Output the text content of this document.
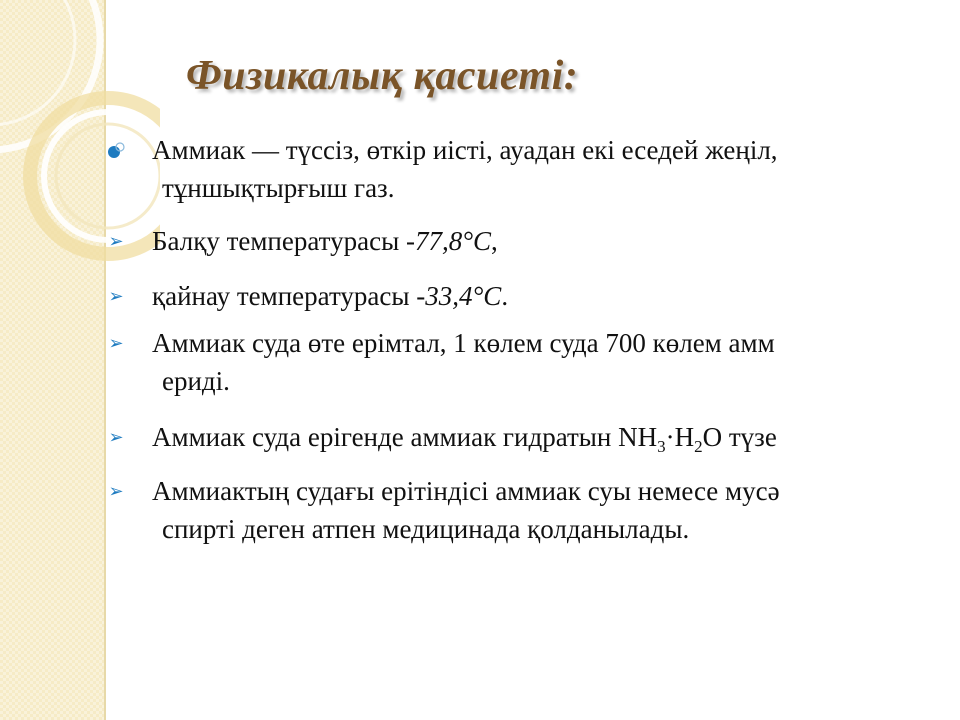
Физикалық қасиеті:
Аммиак — түссіз, өткір иісті, ауадан екі еседей жеңіл,
тұншықтырғыш газ.
➢ Балқу температурасы -77,8°C,
➢ қайнау температурасы -33,4°C.
➢ Аммиак суда өте ерімтал, 1 көлем суда 700 көлем амм
ериді.
➢ Аммиак суда ерігенде аммиак гидратын $NH_3\cdot H_2O$ түзе
➢ Аммиактың судағы ерітіндісі аммиак суы немесе мусә
спирті деген атпен медицинада қолданылады.
